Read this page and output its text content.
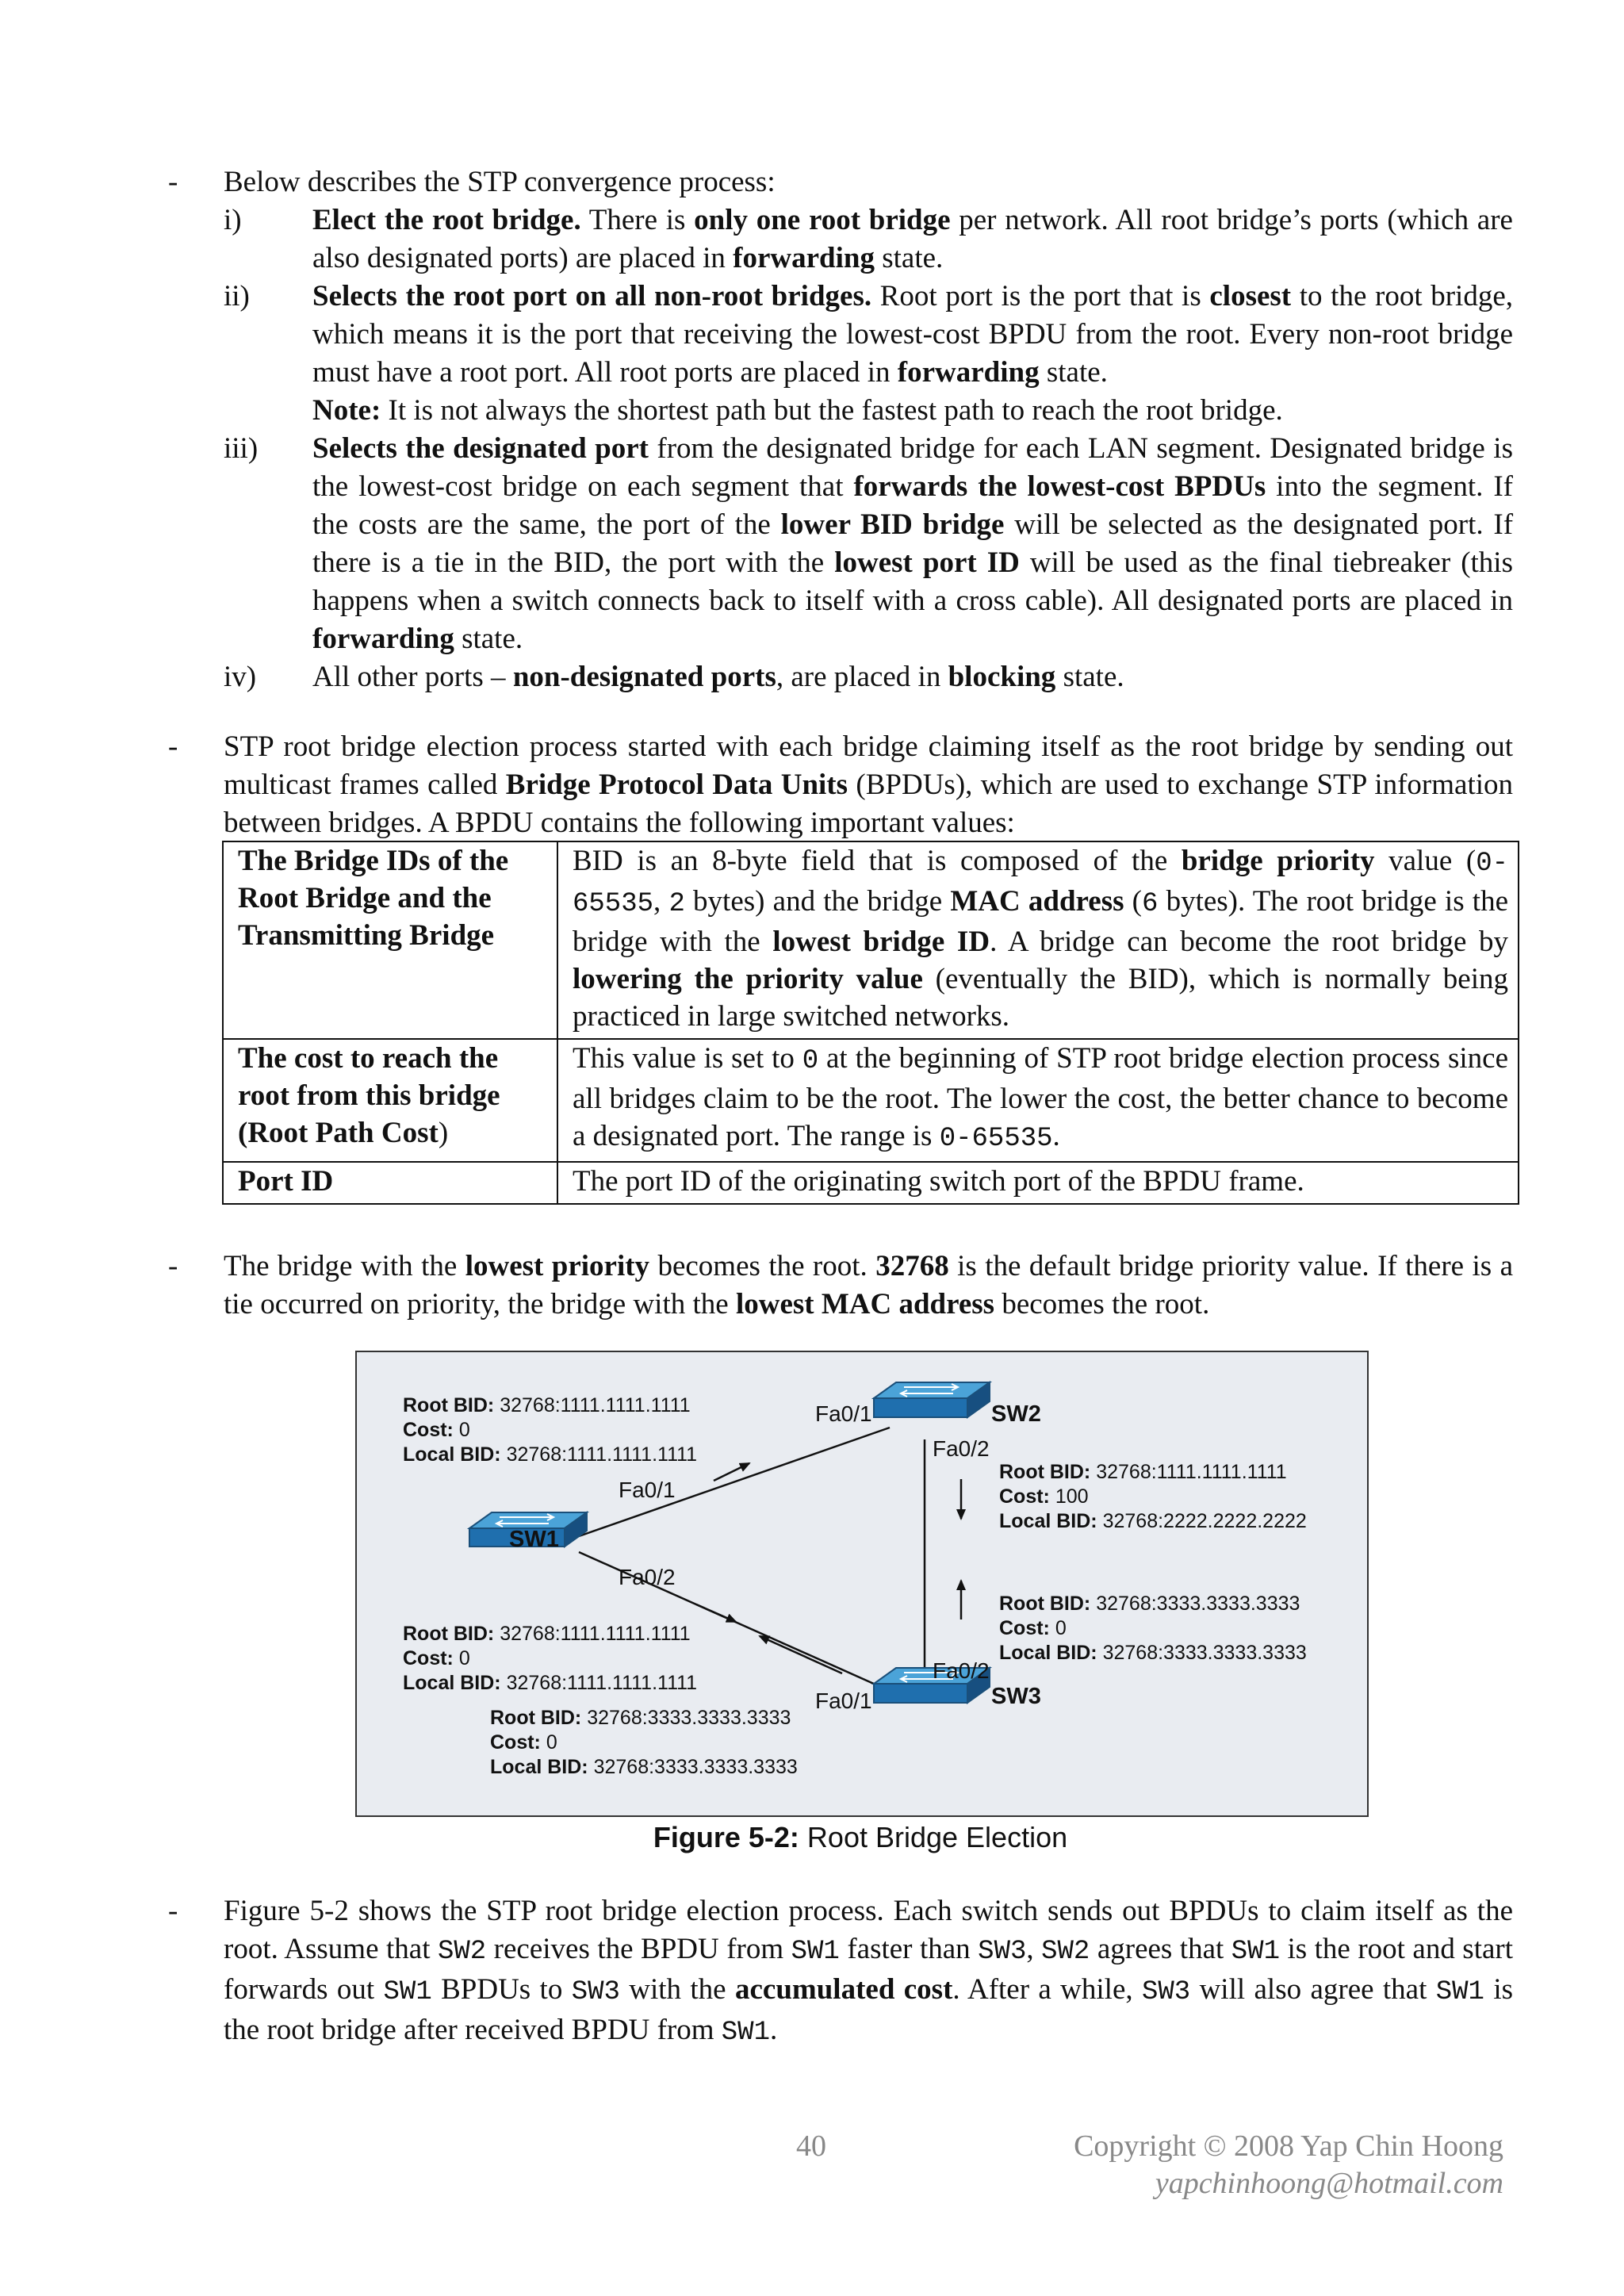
-	Below describes the STP convergence process:

i)	Elect the root bridge. There is only one root bridge per network. All root bridge’s ports (which are also designated ports) are placed in forwarding state.

ii)	Selects the root port on all non-root bridges. Root port is the port that is closest to the root bridge, which means it is the port that receiving the lowest-cost BPDU from the root. Every non-root bridge must have a root port. All root ports are placed in forwarding state.

Note: It is not always the shortest path but the fastest path to reach the root bridge.

iii)	Selects the designated port from the designated bridge for each LAN segment. Designated bridge is the lowest-cost bridge on each segment that forwards the lowest-cost BPDUs into the segment. If the costs are the same, the port of the lower BID bridge will be selected as the designated port. If there is a tie in the BID, the port with the lowest port ID will be used as the final tiebreaker (this happens when a switch connects back to itself with a cross cable). All designated ports are placed in forwarding state.

iv)	All other ports – non-designated ports, are placed in blocking state.

-	STP root bridge election process started with each bridge claiming itself as the root bridge by sending out multicast frames called Bridge Protocol Data Units (BPDUs), which are used to exchange STP information between bridges. A BPDU contains the following important values:

The Bridge IDs of the Root Bridge and the Transmitting Bridge	BID is an 8-byte field that is composed of the bridge priority value (0-65535, 2 bytes) and the bridge MAC address (6 bytes). The root bridge is the bridge with the lowest bridge ID. A bridge can become the root bridge by lowering the priority value (eventually the BID), which is normally being practiced in large switched networks.
The cost to reach the root from this bridge (Root Path Cost)	This value is set to 0 at the beginning of STP root bridge election process since all bridges claim to be the root. The lower the cost, the better chance to become a designated port. The range is 0-65535.
Port ID	The port ID of the originating switch port of the BPDU frame.
-	The bridge with the lowest priority becomes the root. 32768 is the default bridge priority value. If there is a tie occurred on priority, the bridge with the lowest MAC address becomes the root.

SW1
SW2
SW3
Fa0/1
Fa0/2
Fa0/1
Fa0/2
Fa0/1
Fa0/2
Root BID: 32768:1111.1111.1111
Cost: 0
Local BID: 32768:1111.1111.1111
Root BID: 32768:1111.1111.1111
Cost: 100
Local BID: 32768:2222.2222.2222
Root BID: 32768:3333.3333.3333
Cost: 0
Local BID: 32768:3333.3333.3333
Root BID: 32768:1111.1111.1111
Cost: 0
Local BID: 32768:1111.1111.1111
Root BID: 32768:3333.3333.3333
Cost: 0
Local BID: 32768:3333.3333.3333
Figure 5-2: Root Bridge Election
-	Figure 5-2 shows the STP root bridge election process. Each switch sends out BPDUs to claim itself as the root. Assume that SW2 receives the BPDU from SW1 faster than SW3, SW2 agrees that SW1 is the root and start forwards out SW1 BPDUs to SW3 with the accumulated cost. After a while, SW3 will also agree that SW1 is the root bridge after received BPDU from SW1.

40	Copyright © 2008 Yap Chin Hoong
yapchinhoong@hotmail.com
